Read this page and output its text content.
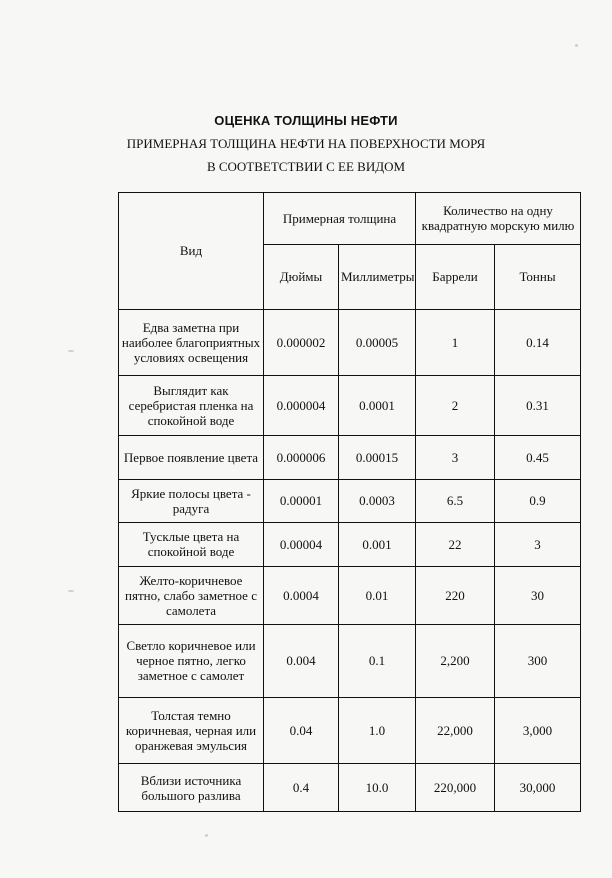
ОЦЕНКА ТОЛЩИНЫ НЕФТИ
ПРИМЕРНАЯ ТОЛЩИНА НЕФТИ НА ПОВЕРХНОСТИ МОРЯ
В СООТВЕТСТВИИ С ЕЕ ВИДОМ
Вид	Примерная толщина		Количество на одну квадратную морскую милю	
	Дюймы	Миллиметры	Баррели	Тонны
Едва заметна при наиболее благоприятных условиях освещения	0.000002	0.00005	1	0.14
Выглядит как серебристая пленка на спокойной воде	0.000004	0.0001	2	0.31
Первое появление цвета	0.000006	0.00015	3	0.45
Яркие полосы цвета - радуга	0.00001	0.0003	6.5	0.9
Тусклые цвета на спокойной воде	0.00004	0.001	22	3
Желто-коричневое пятно, слабо заметное с самолета	0.0004	0.01	220	30
Светло коричневое или черное пятно, легко заметное с самолет	0.004	0.1	2,200	300
Толстая темно коричневая, черная или оранжевая эмульсия	0.04	1.0	22,000	3,000
Вблизи источника большого разлива	0.4	10.0	220,000	30,000
